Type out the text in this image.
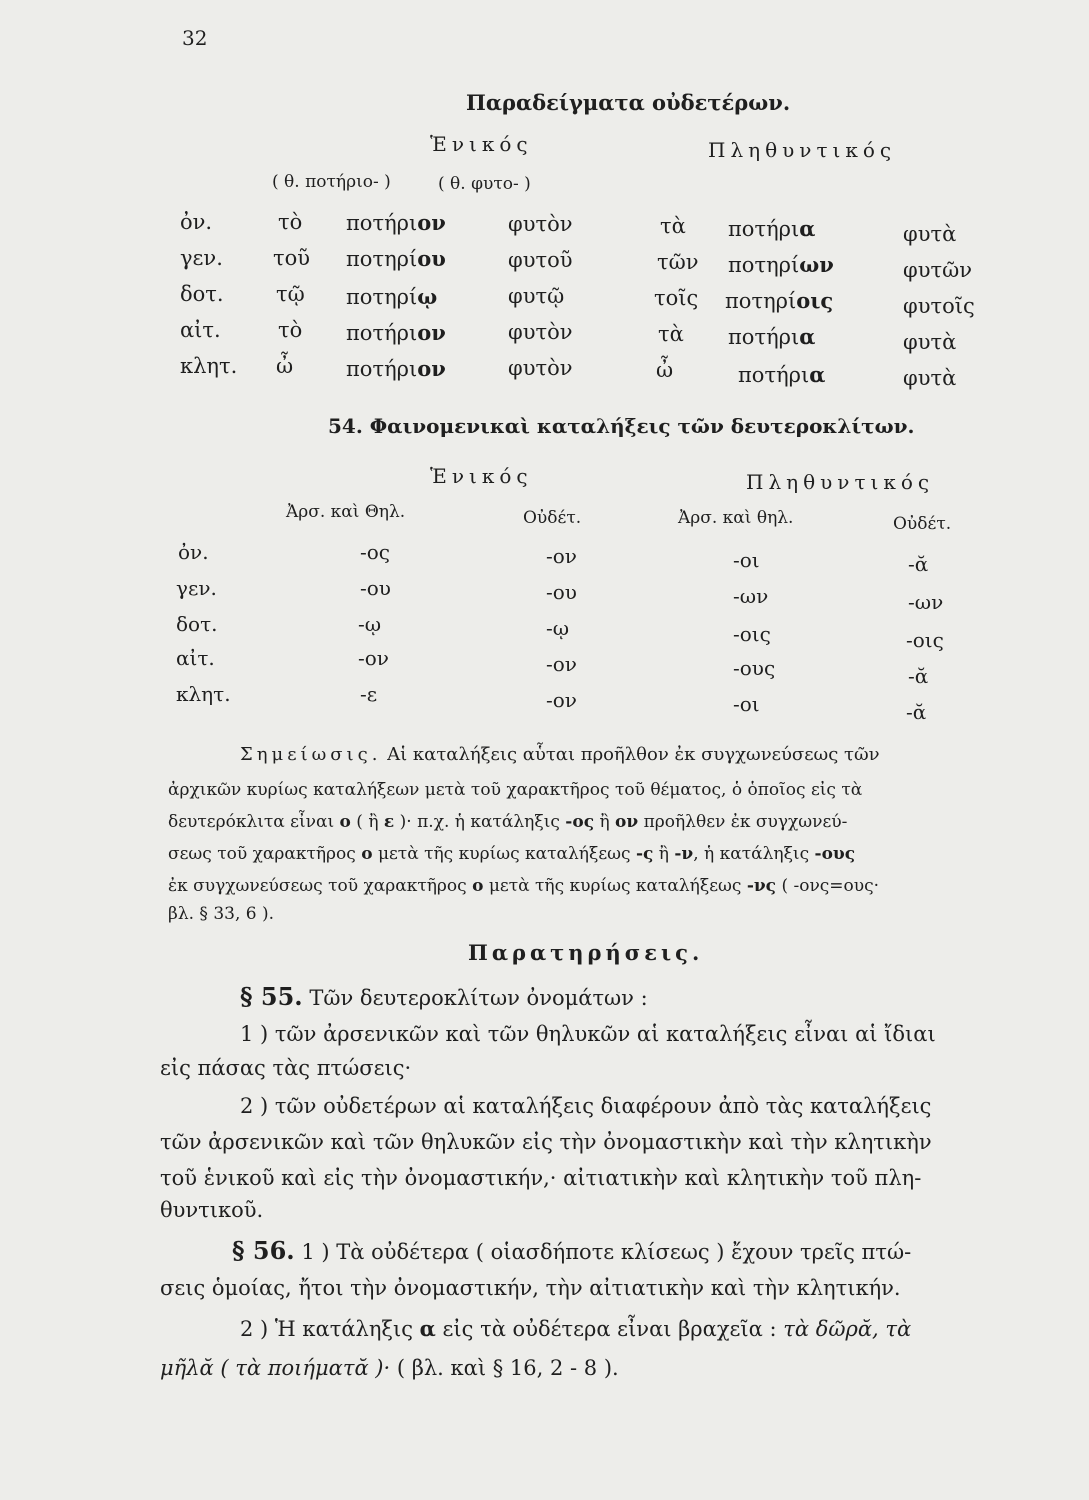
32
Παραδείγματα οὐδετέρων.
Ἑνικός	Πληθυντικός
( θ. ποτήριο- )	( θ. φυτο- )
ὀν.	τὸ ποτήριον	φυτὸν	τὰ ποτήρια	φυτὰ
γεν. τοῦ ποτηρίου	φυτοῦ	τῶν ποτηρίων	φυτῶν
δοτ. τῷ ποτηρίῳ	φυτῷ	τοῖς ποτηρίοις	φυτοῖς
αἰτ.	τὸ ποτήριον	φυτὸν	τὰ ποτήρια	φυτὰ
κλητ. ὦ	ποτήριον	φυτὸν	ὦ	ποτήρια	φυτὰ
54. Φαινομενικαὶ καταλήξεις τῶν δευτεροκλίτων.
Ἑνικός	Πληθυντικός
Ἀρσ. καὶ Θηλ.	Οὐδέτ.	Ἀρσ. καὶ θηλ.	Οὐδέτ.
ὀν.	-ος	-ον	-οι	-ᾰ
γεν.	-ου	-ου	-ων	-ων
δοτ.	-ῳ	-ῳ	-οις	-οις
αἰτ.	-ον	-ον	-ους	-ᾰ
κλητ.	-ε	-ον	-οι	-ᾰ
Σημείωσις. Αἱ καταλήξεις αὗται προῆλθον ἐκ συγχωνεύσεως τῶν
ἀρχικῶν κυρίως καταλήξεων μετὰ τοῦ χαρακτῆρος τοῦ θέματος, ὁ ὁποῖος εἰς τὰ
δευτερόκλιτα εἶναι ο ( ἢ ε )· π.χ. ἡ κατάληξις -ος ἢ ον προῆλθεν ἐκ συγχωνεύ-
σεως τοῦ χαρακτῆρος ο μετὰ τῆς κυρίως καταλήξεως -ς ἢ -ν, ἡ κατάληξις -ους
ἐκ συγχωνεύσεως τοῦ χαρακτῆρος ο μετὰ τῆς κυρίως καταλήξεως -νς ( -ονς=ους·
βλ. § 33, 6 ).
Παρατηρήσεις.
§ 55. Τῶν δευτεροκλίτων ὀνομάτων :
1 ) τῶν ἀρσενικῶν καὶ τῶν θηλυκῶν αἱ καταλήξεις εἶναι αἱ ἴδιαι
εἰς πάσας τὰς πτώσεις·
2 ) τῶν οὐδετέρων αἱ καταλήξεις διαφέρουν ἀπὸ τὰς καταλήξεις
τῶν ἀρσενικῶν καὶ τῶν θηλυκῶν εἰς τὴν ὀνομαστικὴν καὶ τὴν κλητικὴν
τοῦ ἑνικοῦ καὶ εἰς τὴν ὀνομαστικήν,· αἰτιατικὴν καὶ κλητικὴν τοῦ πλη-
θυντικοῦ.
§ 56. 1 ) Τὰ οὐδέτερα ( οἱασδήποτε κλίσεως ) ἔχουν τρεῖς πτώ-
σεις ὁμοίας, ἤτοι τὴν ὀνομαστικήν, τὴν αἰτιατικὴν καὶ τὴν κλητικήν.
2 ) Ἡ κατάληξις α εἰς τὰ οὐδέτερα εἶναι βραχεῖα : τὰ δῶρᾰ, τὰ
μῆλᾰ ( τὰ ποιήματᾰ )· ( βλ. καὶ § 16, 2 - 8 ).
